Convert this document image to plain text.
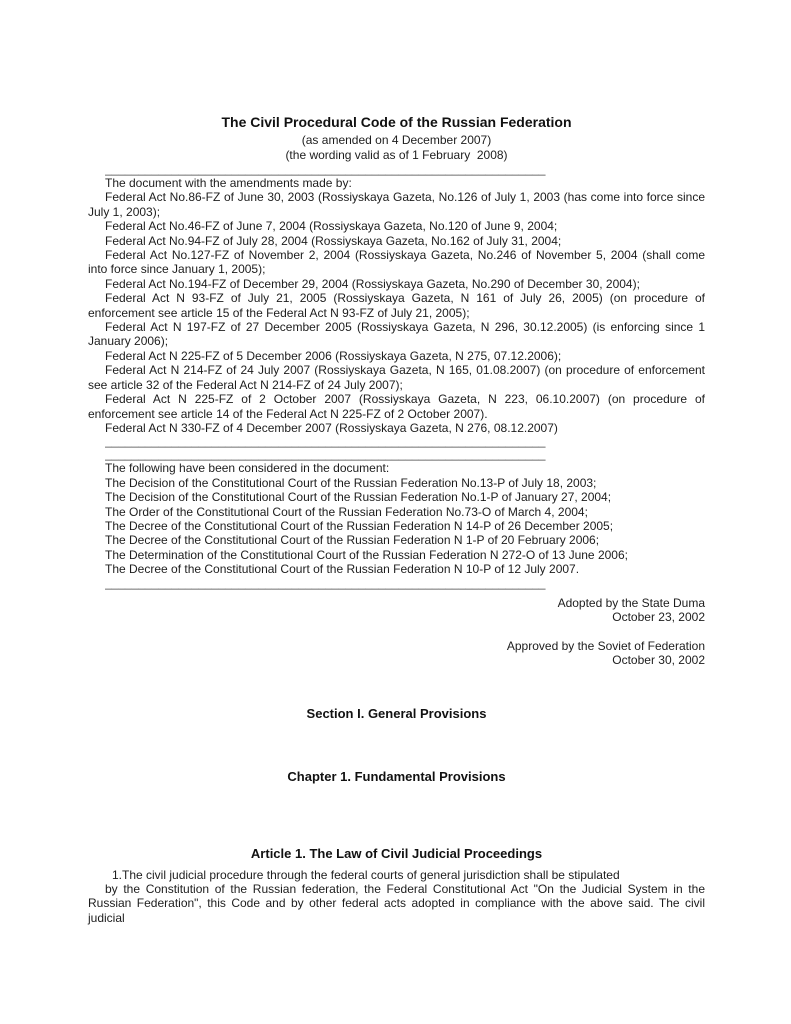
The Civil Procedural Code of the Russian Federation

(as amended on 4 December 2007)

(the wording valid as of 1 February  2008)

__________________________________________________________________

The document with the amendments made by:

Federal Act No.86-FZ of June 30, 2003 (Rossiyskaya Gazeta, No.126 of July 1, 2003 (has come into force since July 1, 2003);

Federal Act No.46-FZ of June 7, 2004 (Rossiyskaya Gazeta, No.120 of June 9, 2004;

Federal Act No.94-FZ of July 28, 2004 (Rossiyskaya Gazeta, No.162 of July 31, 2004;

Federal Act No.127-FZ of November 2, 2004 (Rossiyskaya Gazeta, No.246 of November 5, 2004 (shall come into force since January 1, 2005);

Federal Act No.194-FZ of December 29, 2004 (Rossiyskaya Gazeta, No.290 of December 30, 2004);

Federal Act N 93-FZ of July 21, 2005 (Rossiyskaya Gazeta, N 161 of July 26, 2005) (on procedure of enforcement see article 15 of the Federal Act N 93-FZ of July 21, 2005);

Federal Act N 197-FZ of 27 December 2005 (Rossiyskaya Gazeta, N 296, 30.12.2005) (is enforcing since 1 January 2006);

Federal Act N 225-FZ of 5 December 2006 (Rossiyskaya Gazeta, N 275, 07.12.2006);

Federal Act N 214-FZ of 24 July 2007 (Rossiyskaya Gazeta, N 165, 01.08.2007) (on procedure of enforcement see article 32 of the Federal Act N 214-FZ of 24 July 2007);

Federal Act N 225-FZ of 2 October 2007 (Rossiyskaya Gazeta, N 223, 06.10.2007) (on procedure of enforcement see article 14 of the Federal Act N 225-FZ of 2 October 2007).

Federal Act N 330-FZ of 4 December 2007 (Rossiyskaya Gazeta, N 276, 08.12.2007)

__________________________________________________________________
__________________________________________________________________

The following have been considered in the document:

The Decision of the Constitutional Court of the Russian Federation No.13-P of July 18, 2003;

The Decision of the Constitutional Court of the Russian Federation No.1-P of January 27, 2004;

The Order of the Constitutional Court of the Russian Federation No.73-O of March 4, 2004;

The Decree of the Constitutional Court of the Russian Federation N 14-P of 26 December 2005;

The Decree of the Constitutional Court of the Russian Federation N 1-P of 20 February 2006;

The Determination of the Constitutional Court of the Russian Federation N 272-O of 13 June 2006;

The Decree of the Constitutional Court of the Russian Federation N 10-P of 12 July 2007.

__________________________________________________________________

Adopted by the State Duma

October 23, 2002

Approved by the Soviet of Federation

October 30, 2002

Section I. General Provisions
Chapter 1. Fundamental Provisions
Article 1. The Law of Civil Judicial Proceedings

1.The civil judicial procedure through the federal courts of general jurisdiction shall be stipulated

by the Constitution of the Russian federation, the Federal Constitutional Act "On the Judicial System in the Russian Federation", this Code and by other federal acts adopted in compliance with the above said. The civil judicial
